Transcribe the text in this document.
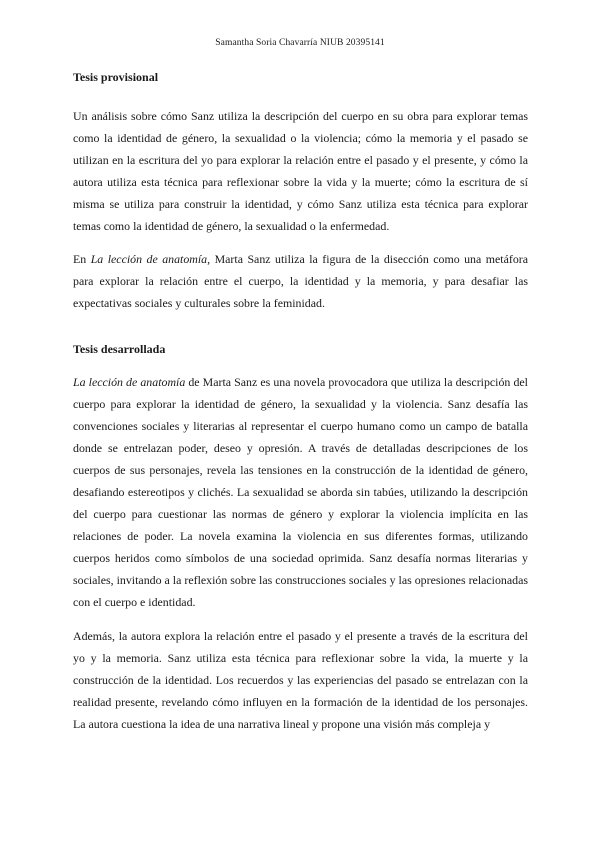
Samantha Soria Chavarría NIUB 20395141

Tesis provisional

Un análisis sobre cómo Sanz utiliza la descripción del cuerpo en su obra para explorar temas como la identidad de género, la sexualidad o la violencia; cómo la memoria y el pasado se utilizan en la escritura del yo para explorar la relación entre el pasado y el presente, y cómo la autora utiliza esta técnica para reflexionar sobre la vida y la muerte; cómo la escritura de sí misma se utiliza para construir la identidad, y cómo Sanz utiliza esta técnica para explorar temas como la identidad de género, la sexualidad o la enfermedad.

En La lección de anatomía, Marta Sanz utiliza la figura de la disección como una metáfora para explorar la relación entre el cuerpo, la identidad y la memoria, y para desafiar las expectativas sociales y culturales sobre la feminidad.

Tesis desarrollada

La lección de anatomía de Marta Sanz es una novela provocadora que utiliza la descripción del cuerpo para explorar la identidad de género, la sexualidad y la violencia. Sanz desafía las convenciones sociales y literarias al representar el cuerpo humano como un campo de batalla donde se entrelazan poder, deseo y opresión. A través de detalladas descripciones de los cuerpos de sus personajes, revela las tensiones en la construcción de la identidad de género, desafiando estereotipos y clichés. La sexualidad se aborda sin tabúes, utilizando la descripción del cuerpo para cuestionar las normas de género y explorar la violencia implícita en las relaciones de poder. La novela examina la violencia en sus diferentes formas, utilizando cuerpos heridos como símbolos de una sociedad oprimida. Sanz desafía normas literarias y sociales, invitando a la reflexión sobre las construcciones sociales y las opresiones relacionadas con el cuerpo e identidad.

Además, la autora explora la relación entre el pasado y el presente a través de la escritura del yo y la memoria. Sanz utiliza esta técnica para reflexionar sobre la vida, la muerte y la construcción de la identidad. Los recuerdos y las experiencias del pasado se entrelazan con la realidad presente, revelando cómo influyen en la formación de la identidad de los personajes. La autora cuestiona la idea de una narrativa lineal y propone una visión más compleja y
